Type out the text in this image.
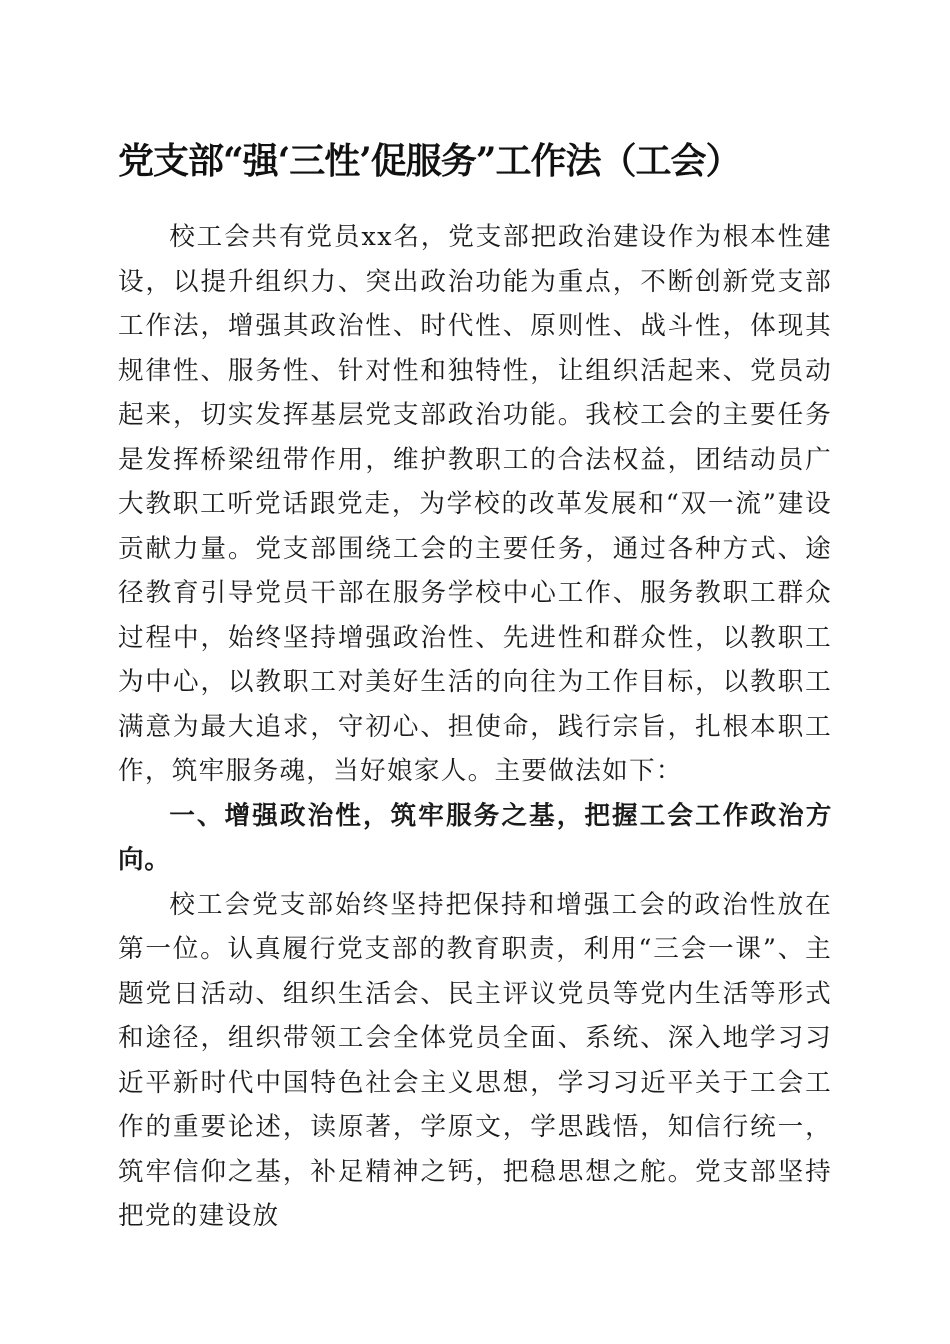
党支部“强‘三性’促服务”工作法（工会）

校工会共有党员xx名，党支部把政治建设作为根本性建设，以提升组织力、突出政治功能为重点，不断创新党支部工作法，增强其政治性、时代性、原则性、战斗性，体现其规律性、服务性、针对性和独特性，让组织活起来、党员动起来，切实发挥基层党支部政治功能。我校工会的主要任务是发挥桥梁纽带作用，维护教职工的合法权益，团结动员广大教职工听党话跟党走，为学校的改革发展和“双一流”建设贡献力量。党支部围绕工会的主要任务，通过各种方式、途径教育引导党员干部在服务学校中心工作、服务教职工群众过程中，始终坚持增强政治性、先进性和群众性，以教职工为中心，以教职工对美好生活的向往为工作目标，以教职工满意为最大追求，守初心、担使命，践行宗旨，扎根本职工作，筑牢服务魂，当好娘家人。主要做法如下：

一、增强政治性，筑牢服务之基，把握工会工作政治方向。

校工会党支部始终坚持把保持和增强工会的政治性放在第一位。认真履行党支部的教育职责，利用“三会一课”、主题党日活动、组织生活会、民主评议党员等党内生活等形式和途径，组织带领工会全体党员全面、系统、深入地学习习近平新时代中国特色社会主义思想，学习习近平关于工会工作的重要论述，读原著，学原文，学思践悟，知信行统一，筑牢信仰之基，补足精神之钙，把稳思想之舵。党支部坚持把党的建设放
